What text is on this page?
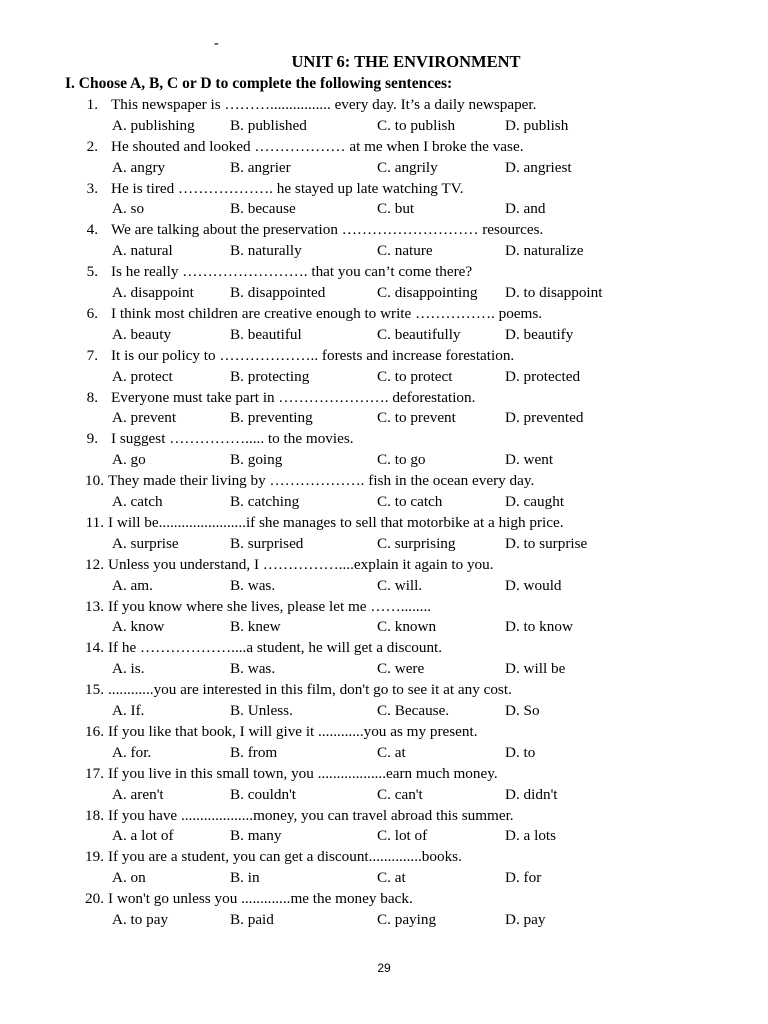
-
UNIT 6: THE ENVIRONMENT
I. Choose A, B, C or D to complete the following sentences:
1. This newspaper is ………................ every day. It’s a daily newspaper.
A. publishing B. published	C. to publish	D. publish
2. He shouted and looked ……………… at me when I broke the vase.
A. angry	B. angrier	C. angrily	D. angriest
3. He is tired ………………. he stayed up late watching TV.
A. so	B. because	C. but	D. and
4. We are talking about the preservation ……………………… resources.
A. natural	B. naturally	C. nature	D. naturalize
5. Is he really ……………………. that you can’t come there?
A. disappoint B. disappointed	C. disappointing D. to disappoint
6. I think most children are creative enough to write ……………. poems.
A. beauty	B. beautiful	C. beautifully	D. beautify
7. It is our policy to ……………….. forests and increase forestation.
A. protect	B. protecting	C. to protect	D. protected
8. Everyone must take part in …………………. deforestation.
A. prevent	B. preventing	C. to prevent	D. prevented
9. I suggest ……………..... to the movies.
A. go	B. going	C. to go	D. went
10. They made their living by ………………. fish in the ocean every day.
A. catch	B. catching	C. to catch	D. caught
11. I will be.......................if she manages to sell that motorbike at a high price.
A. surprise	B. surprised	C. surprising	D. to surprise
12. Unless you understand, I ……………....explain it again to you.
A. am.	B. was.	C. will.	D. would
13. If you know where she lives, please let me ……........
A. know	B. knew	C. known	D. to know
14. If he ………………....a student, he will get a discount.
A. is.	B. was.	C. were	D. will be
15. ............you are interested in this film, don't go to see it at any cost.
A. If.	B. Unless.	C. Because.	D. So
16. If you like that book, I will give it ............you as my present.
A. for.	B. from	C. at	D. to
17. If you live in this small town, you ..................earn much money.
A. aren't	B. couldn't	C. can't	D. didn't
18. If you have ...................money, you can travel abroad this summer.
A. a lot of	B. many	C. lot of	D. a lots
19. If you are a student, you can get a discount..............books.
A. on	B. in	C. at	D. for
20. I won't go unless you .............me the money back.
A. to pay	B. paid	C. paying	D. pay
29
